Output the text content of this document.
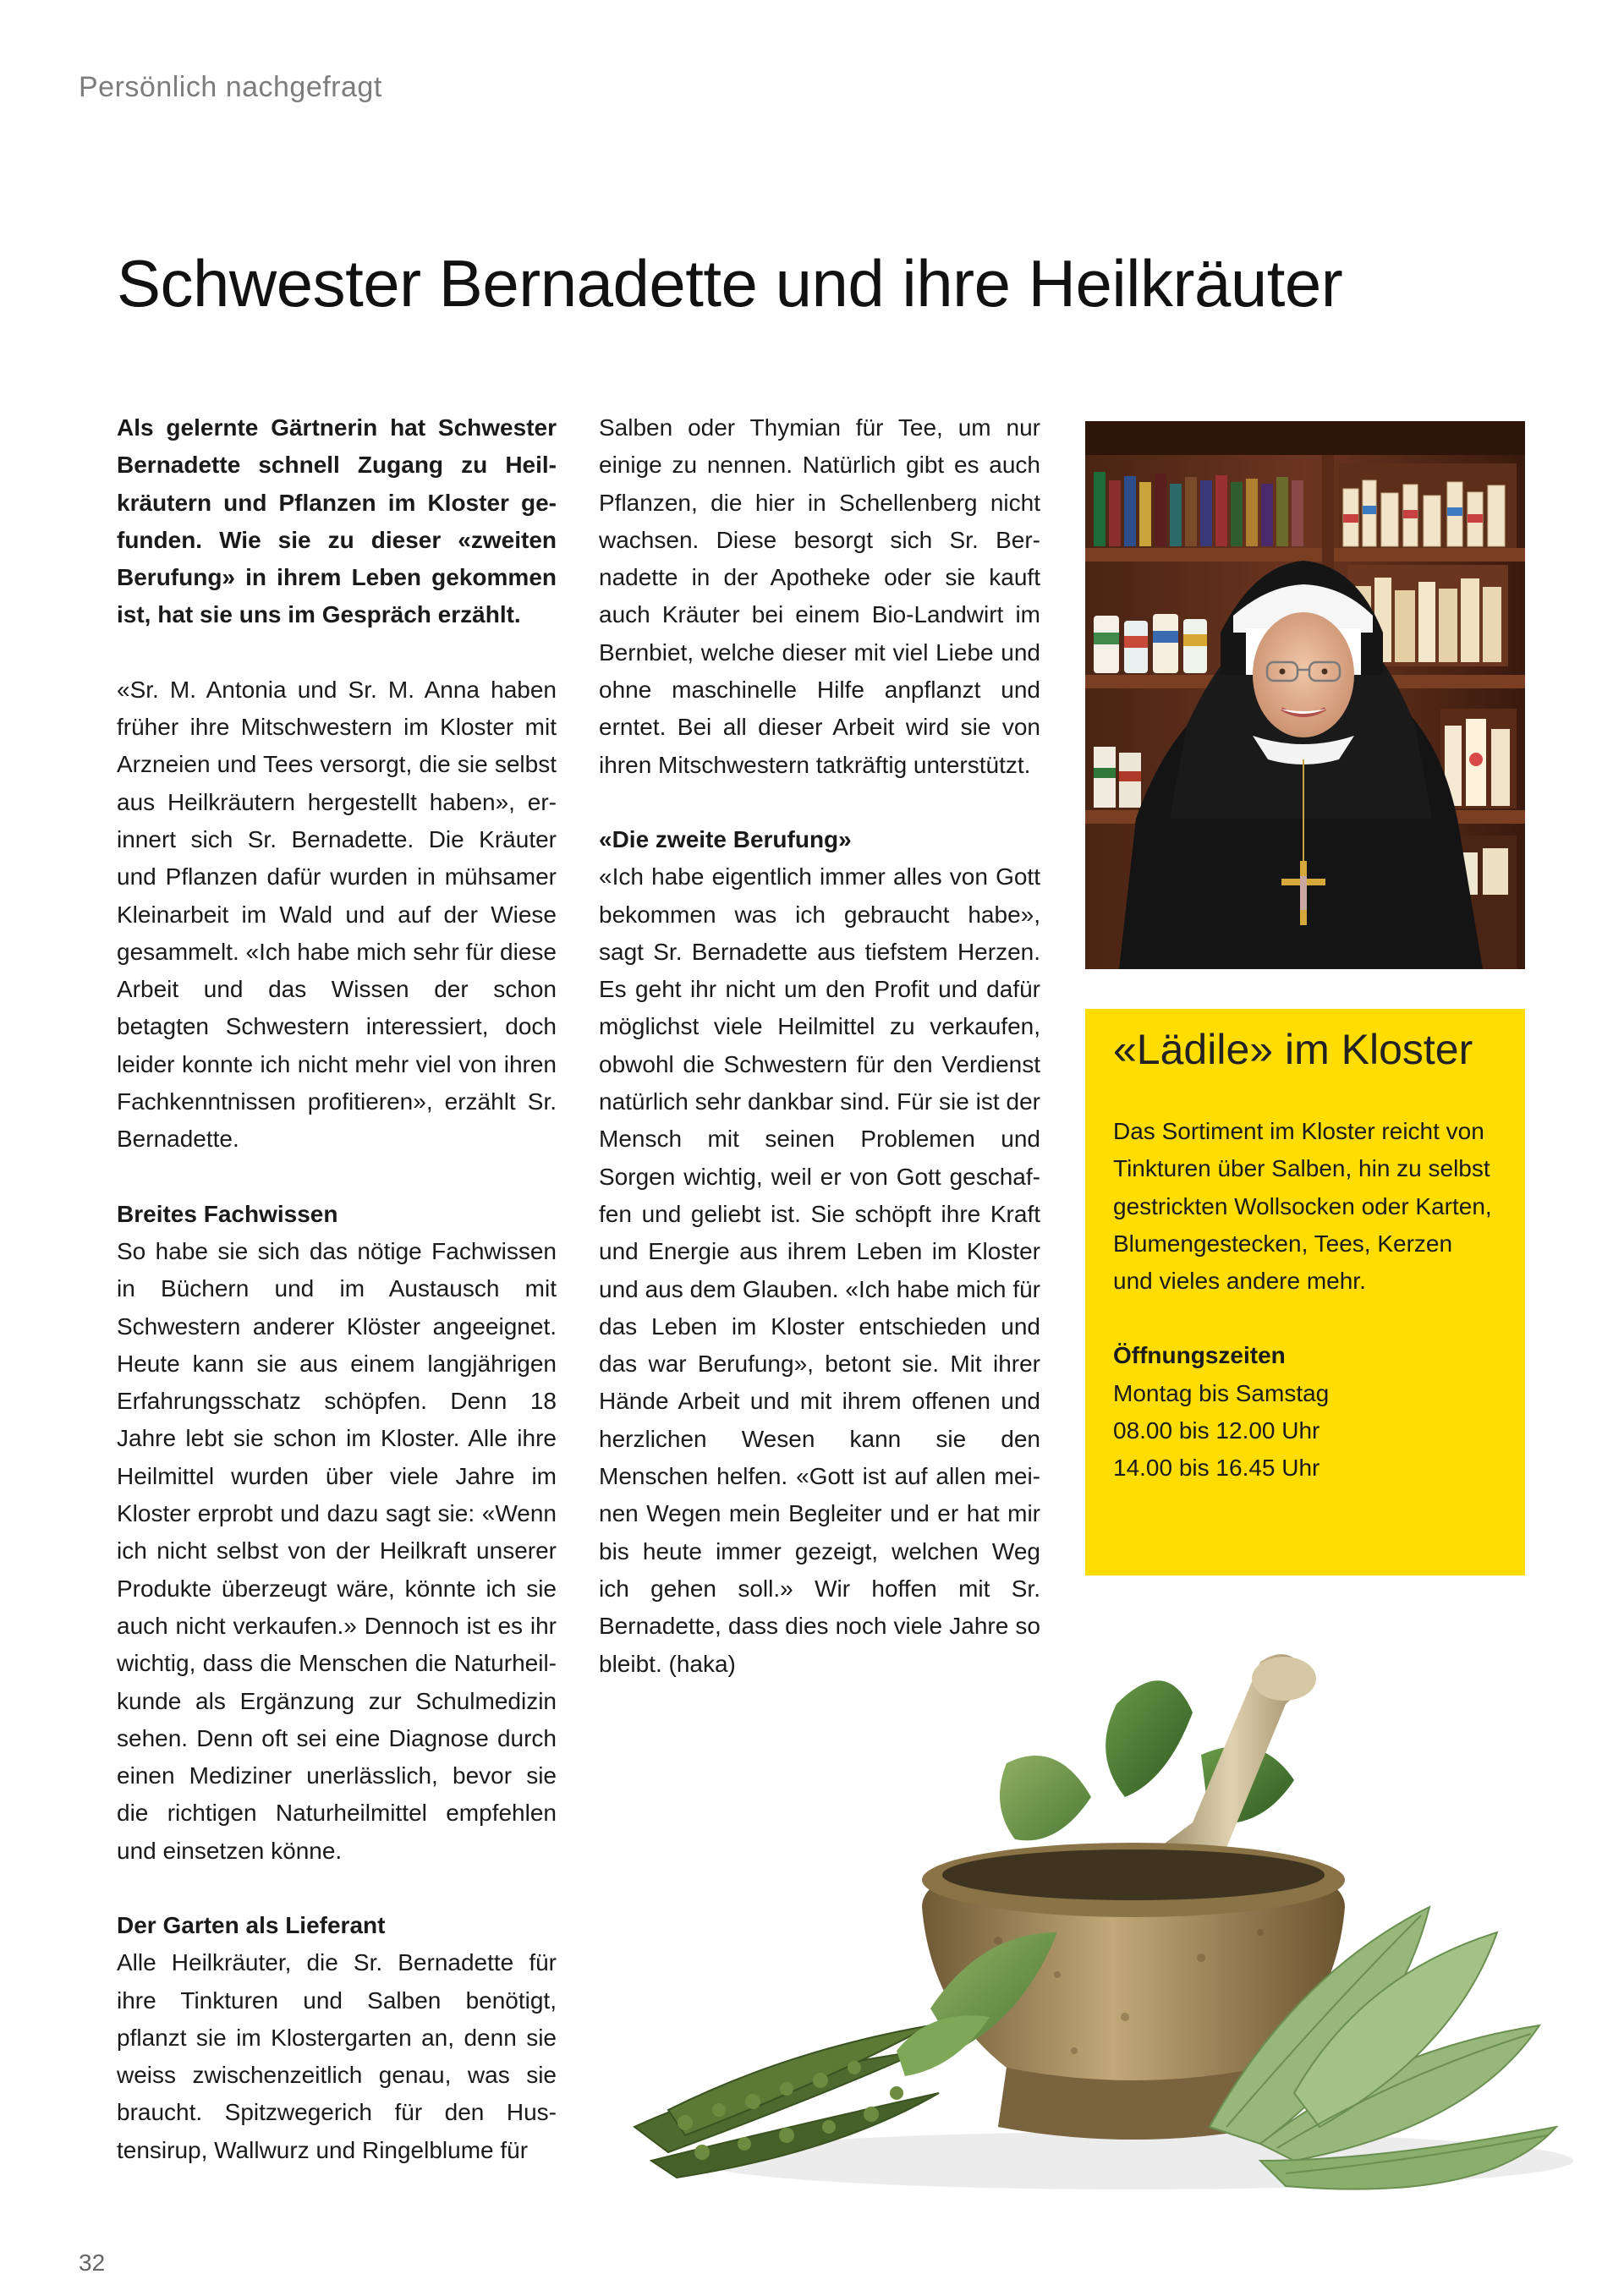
Persönlich nachgefragt
Schwester Bernadette und ihre Heilkräuter

Als gelernte Gärtnerin hat Schwester Bernadette schnell Zugang zu Heilkräutern und Pflanzen im Kloster gefunden. Wie sie zu dieser «zweiten Berufung» in ihrem Leben gekommen ist, hat sie uns im Gespräch erzählt.

«Sr. M. Antonia und Sr. M. Anna haben früher ihre Mitschwestern im Kloster mit Arzneien und Tees versorgt, die sie selbst aus Heilkräutern hergestellt haben», erinnert sich Sr. Bernadette. Die Kräuter und Pflanzen dafür wurden in mühsamer Kleinarbeit im Wald und auf der Wiese gesammelt. «Ich habe mich sehr für diese Arbeit und das Wissen der schon betagten Schwestern interessiert, doch leider konnte ich nicht mehr viel von ihren Fachkenntnissen profitieren», erzählt Sr. Bernadette.

Breites Fachwissen

So habe sie sich das nötige Fachwissen in Büchern und im Austausch mit Schwestern anderer Klöster angeeignet. Heute kann sie aus einem langjährigen Erfahrungsschatz schöpfen. Denn 18 Jahre lebt sie schon im Kloster. Alle ihre Heilmittel wurden über viele Jahre im Kloster erprobt und dazu sagt sie: «Wenn ich nicht selbst von der Heilkraft unserer Produkte überzeugt wäre, könnte ich sie auch nicht verkaufen.» Dennoch ist es ihr wichtig, dass die Menschen die Naturheilkunde als Ergänzung zur Schulmedizin sehen. Denn oft sei eine Diagnose durch einen Mediziner unerlässlich, bevor sie die richtigen Naturheilmittel empfehlen und einsetzen könne.

Der Garten als Lieferant

Alle Heilkräuter, die Sr. Bernadette für ihre Tinkturen und Salben benötigt, pflanzt sie im Klostergarten an, denn sie weiss zwischenzeitlich genau, was sie braucht. Spitzwegerich für den Hustensirup, Wallwurz und Ringelblume für

Salben oder Thymian für Tee, um nur einige zu nennen. Natürlich gibt es auch Pflanzen, die hier in Schellenberg nicht wachsen. Diese besorgt sich Sr. Bernadette in der Apotheke oder sie kauft auch Kräuter bei einem Bio-Landwirt im Bernbiet, welche dieser mit viel Liebe und ohne maschinelle Hilfe anpflanzt und erntet. Bei all dieser Arbeit wird sie von ihren Mitschwestern tatkräftig unterstützt.

«Die zweite Berufung»

«Ich habe eigentlich immer alles von Gott bekommen was ich gebraucht habe», sagt Sr. Bernadette aus tiefstem Herzen. Es geht ihr nicht um den Profit und dafür möglichst viele Heilmittel zu verkaufen, obwohl die Schwestern für den Verdienst natürlich sehr dankbar sind. Für sie ist der Mensch mit seinen Problemen und Sorgen wichtig, weil er von Gott geschaffen und geliebt ist. Sie schöpft ihre Kraft und Energie aus ihrem Leben im Kloster und aus dem Glauben. «Ich habe mich für das Leben im Kloster entschieden und das war Berufung», betont sie. Mit ihrer Hände Arbeit und mit ihrem offenen und herzlichen Wesen kann sie den Menschen helfen. «Gott ist auf allen meinen Wegen mein Begleiter und er hat mir bis heute immer gezeigt, welchen Weg ich gehen soll.» Wir hoffen mit Sr. Bernadette, dass dies noch viele Jahre so bleibt. (haka)

«Lädile» im Kloster

Das Sortiment im Kloster reicht von Tinkturen über Salben, hin zu selbst gestrickten Wollsocken oder Karten, Blumengestecken, Tees, Kerzen und vieles andere mehr.

Öffnungszeiten
Montag bis Samstag
08.00 bis 12.00 Uhr
14.00 bis 16.45 Uhr
32
